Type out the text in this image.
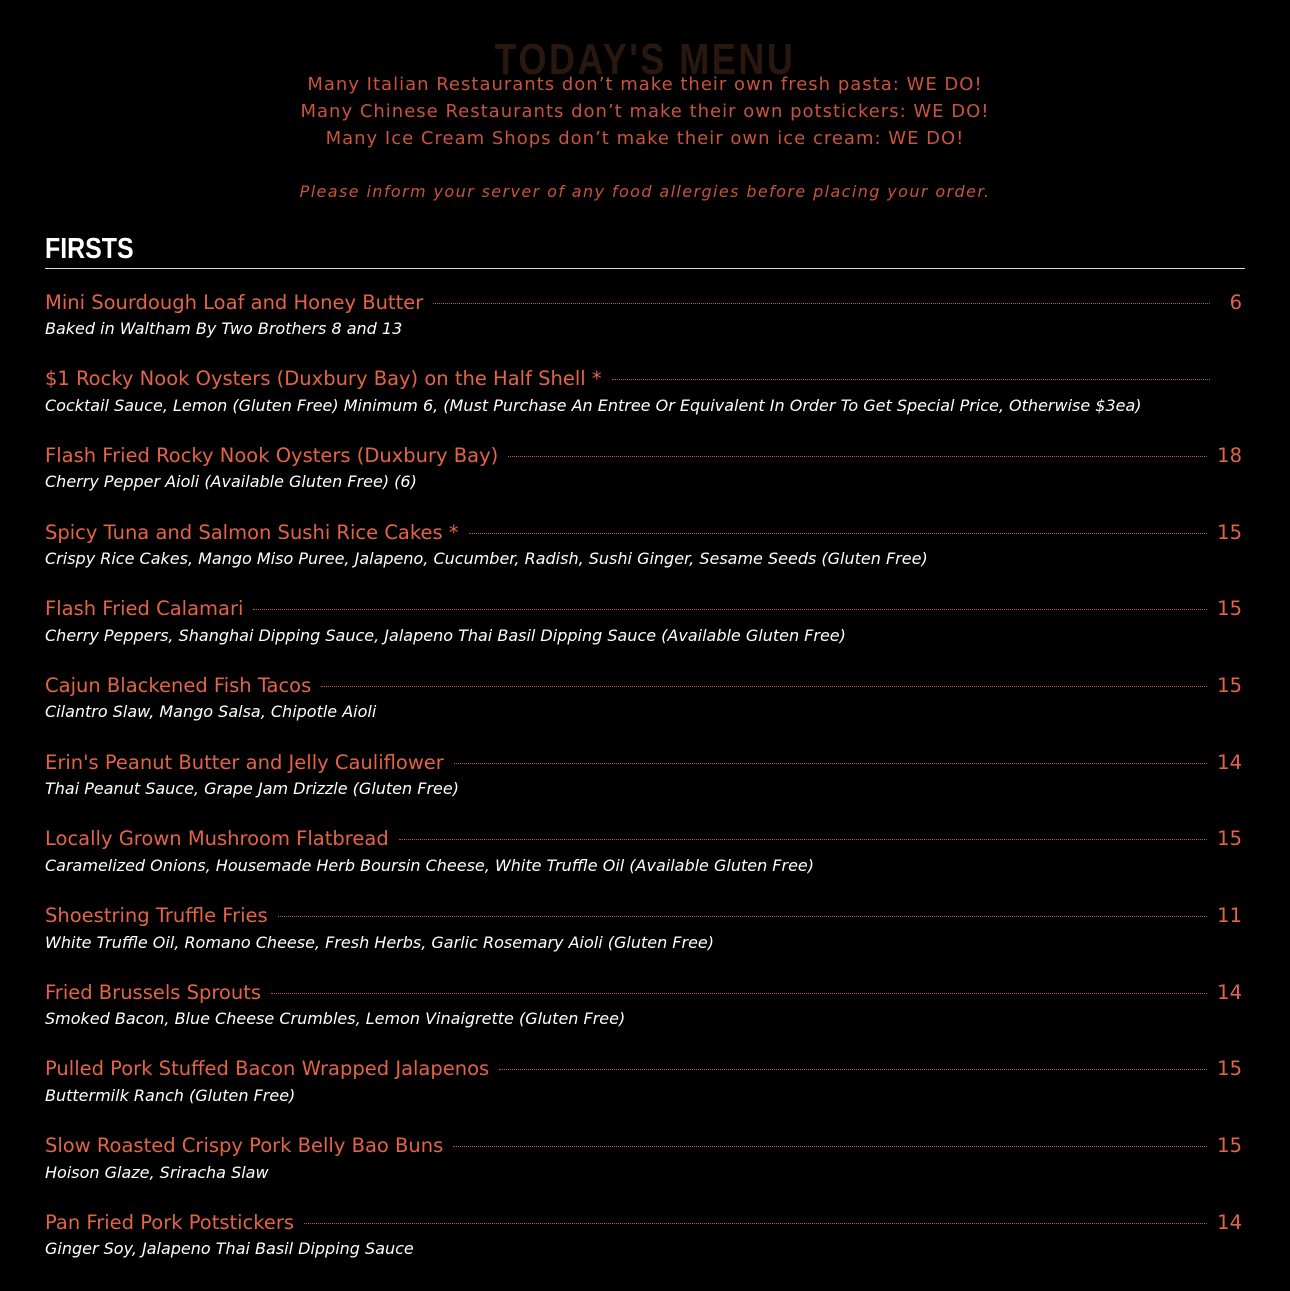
TODAY'S MENU
Many Italian Restaurants don’t make their own fresh pasta: WE DO!
Many Chinese Restaurants don’t make their own potstickers: WE DO!
Many Ice Cream Shops don’t make their own ice cream: WE DO!
Please inform your server of any food allergies before placing your order.
FIRSTS
Mini Sourdough Loaf and Honey Butter	6
Baked in Waltham By Two Brothers 8 and 13
$1 Rocky Nook Oysters (Duxbury Bay) on the Half Shell *
Cocktail Sauce, Lemon (Gluten Free) Minimum 6, (Must Purchase An Entree Or Equivalent In Order To Get Special Price, Otherwise $3ea)
Flash Fried Rocky Nook Oysters (Duxbury Bay)	18
Cherry Pepper Aioli (Available Gluten Free) (6)
Spicy Tuna and Salmon Sushi Rice Cakes *	15
Crispy Rice Cakes, Mango Miso Puree, Jalapeno, Cucumber, Radish, Sushi Ginger, Sesame Seeds (Gluten Free)
Flash Fried Calamari	15
Cherry Peppers, Shanghai Dipping Sauce, Jalapeno Thai Basil Dipping Sauce (Available Gluten Free)
Cajun Blackened Fish Tacos	15
Cilantro Slaw, Mango Salsa, Chipotle Aioli
Erin's Peanut Butter and Jelly Cauliflower	14
Thai Peanut Sauce, Grape Jam Drizzle (Gluten Free)
Locally Grown Mushroom Flatbread	15
Caramelized Onions, Housemade Herb Boursin Cheese, White Truffle Oil (Available Gluten Free)
Shoestring Truffle Fries	11
White Truffle Oil, Romano Cheese, Fresh Herbs, Garlic Rosemary Aioli (Gluten Free)
Fried Brussels Sprouts	14
Smoked Bacon, Blue Cheese Crumbles, Lemon Vinaigrette (Gluten Free)
Pulled Pork Stuffed Bacon Wrapped Jalapenos	15
Buttermilk Ranch (Gluten Free)
Slow Roasted Crispy Pork Belly Bao Buns	15
Hoison Glaze, Sriracha Slaw
Pan Fried Pork Potstickers	14
Ginger Soy, Jalapeno Thai Basil Dipping Sauce
